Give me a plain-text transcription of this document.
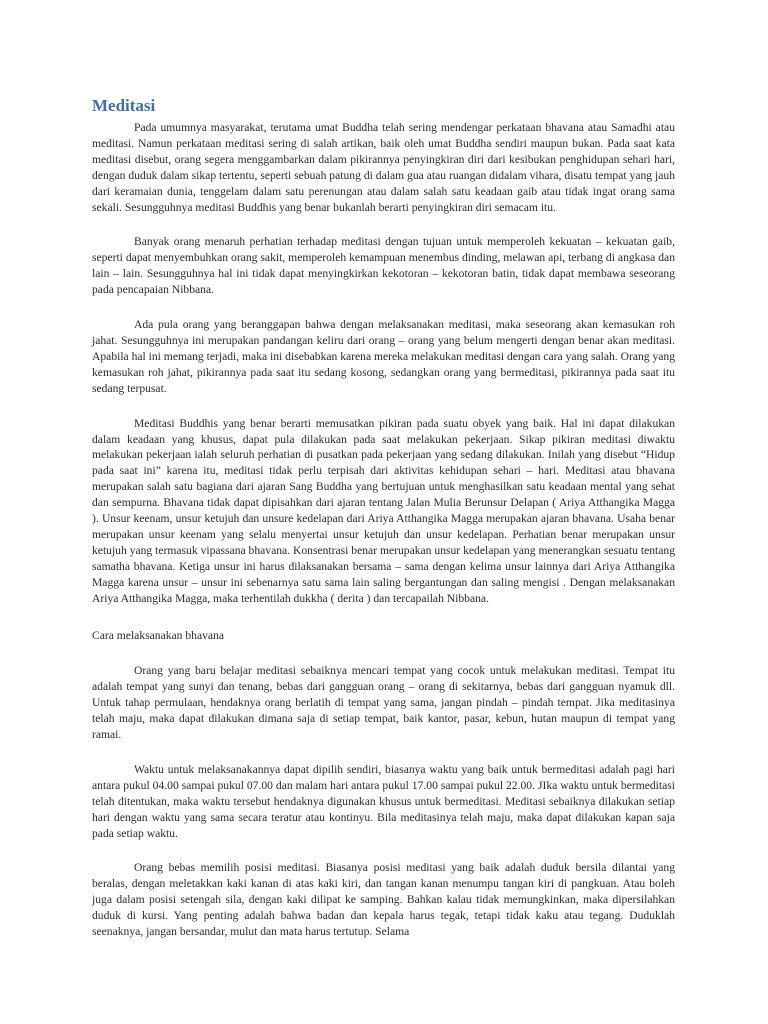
Meditasi

Pada umumnya masyarakat, terutama umat Buddha telah sering mendengar perkataan bhavana atau Samadhi atau meditasi. Namun perkataan meditasi sering di salah artikan, baik oleh umat Buddha sendiri maupun bukan. Pada saat kata meditasi disebut, orang segera menggambarkan dalam pikirannya penyingkiran diri dari kesibukan penghidupan sehari hari, dengan duduk dalam sikap tertentu, seperti sebuah patung di dalam gua atau ruangan didalam vihara, disatu tempat yang jauh dari keramaian dunia, tenggelam dalam satu perenungan atau dalam salah satu keadaan gaib atau tidak ingat orang sama sekali. Sesungguhnya meditasi Buddhis yang benar bukanlah berarti penyingkiran diri semacam itu.

Banyak orang menaruh perhatian terhadap meditasi dengan tujuan untuk memperoleh kekuatan – kekuatan gaib, seperti dapat menyembuhkan orang sakit, memperoleh kemampuan menembus dinding, melawan api, terbang di angkasa dan lain – lain. Sesungguhnya hal ini tidak dapat menyingkirkan kekotoran – kekotoran batin, tidak dapat membawa seseorang pada pencapaian Nibbana.

Ada pula orang yang beranggapan bahwa dengan melaksanakan meditasi, maka seseorang akan kemasukan roh jahat. Sesungguhnya ini merupakan pandangan keliru dari orang – orang yang belum mengerti dengan benar akan meditasi. Apabila hal ini memang terjadi, maka ini disebabkan karena mereka melakukan meditasi dengan cara yang salah. Orang yang kemasukan roh jahat, pikirannya pada saat itu sedang kosong, sedangkan orang yang bermeditasi, pikirannya pada saat itu sedang terpusat.

Meditasi Buddhis yang benar berarti memusatkan pikiran pada suatu obyek yang baik. Hal ini dapat dilakukan dalam keadaan yang khusus, dapat pula dilakukan pada saat melakukan pekerjaan. Sikap pikiran meditasi diwaktu melakukan pekerjaan ialah seluruh perhatian di pusatkan pada pekerjaan yang sedang dilakukan. Inilah yang disebut “Hidup pada saat ini” karena itu, meditasi tidak perlu terpisah dari aktivitas kehidupan sehari – hari. Meditasi atau bhavana merupakan salah satu bagiana dari ajaran Sang Buddha yang bertujuan untuk menghasilkan satu keadaan mental yang sehat dan sempurna. Bhavana tidak dapat dipisahkan dari ajaran tentang Jalan Mulia Berunsur Delapan ( Ariya Atthangika Magga ). Unsur keenam, unsur ketujuh dan unsure kedelapan dari Ariya Atthangika Magga merupakan ajaran bhavana. Usaha benar merupakan unsur keenam yang selalu menyertai unsur ketujuh dan unsur kedelapan. Perhatian benar merupakan unsur ketujuh yang termasuk vipassana bhavana. Konsentrasi benar merupakan unsur kedelapan yang menerangkan sesuatu tentang samatha bhavana. Ketiga unsur ini harus dilaksanakan bersama – sama dengan kelima unsur lainnya dari Ariya Atthangika Magga karena unsur – unsur ini sebenarnya satu sama lain saling bergantungan dan saling mengisi . Dengan melaksanakan Ariya Atthangika Magga, maka terhentilah dukkha ( derita ) dan tercapailah Nibbana.

Cara melaksanakan bhavana

Orang yang baru belajar meditasi sebaiknya mencari tempat yang cocok untuk melakukan meditasi. Tempat itu adalah tempat yang sunyi dan tenang, bebas dari gangguan orang – orang di sekitarnya, bebas dari gangguan nyamuk dll. Untuk tahap permulaan, hendaknya orang berlatih di tempat yang sama, jangan pindah – pindah tempat. Jika meditasinya telah maju, maka dapat dilakukan dimana saja di setiap tempat, baik kantor, pasar, kebun, hutan maupun di tempat yang ramai.

Waktu untuk melaksanakannya dapat dipilih sendiri, biasanya waktu yang baik untuk bermeditasi adalah pagi hari antara pukul 04.00 sampai pukul 07.00 dan malam hari antara pukul 17.00 sampai pukul 22.00. JIka waktu untuk bermeditasi telah ditentukan, maka waktu tersebut hendaknya digunakan khusus untuk bermeditasi. Meditasi sebaiknya dilakukan setiap hari dengan waktu yang sama secara teratur atau kontinyu. Bila meditasinya telah maju, maka dapat dilakukan kapan saja pada setiap waktu.

Orang bebas memilih posisi meditasi. Biasanya posisi meditasi yang baik adalah duduk bersila dilantai yang beralas, dengan meletakkan kaki kanan di atas kaki kiri, dan tangan kanan menumpu tangan kiri di pangkuan. Atau boleh juga dalam posisi setengah sila, dengan kaki dilipat ke samping. Bahkan kalau tidak memungkinkan, maka dipersilahkan duduk di kursi. Yang penting adalah bahwa badan dan kepala harus tegak, tetapi tidak kaku atau tegang. Duduklah seenaknya, jangan bersandar, mulut dan mata harus tertutup. Selama
